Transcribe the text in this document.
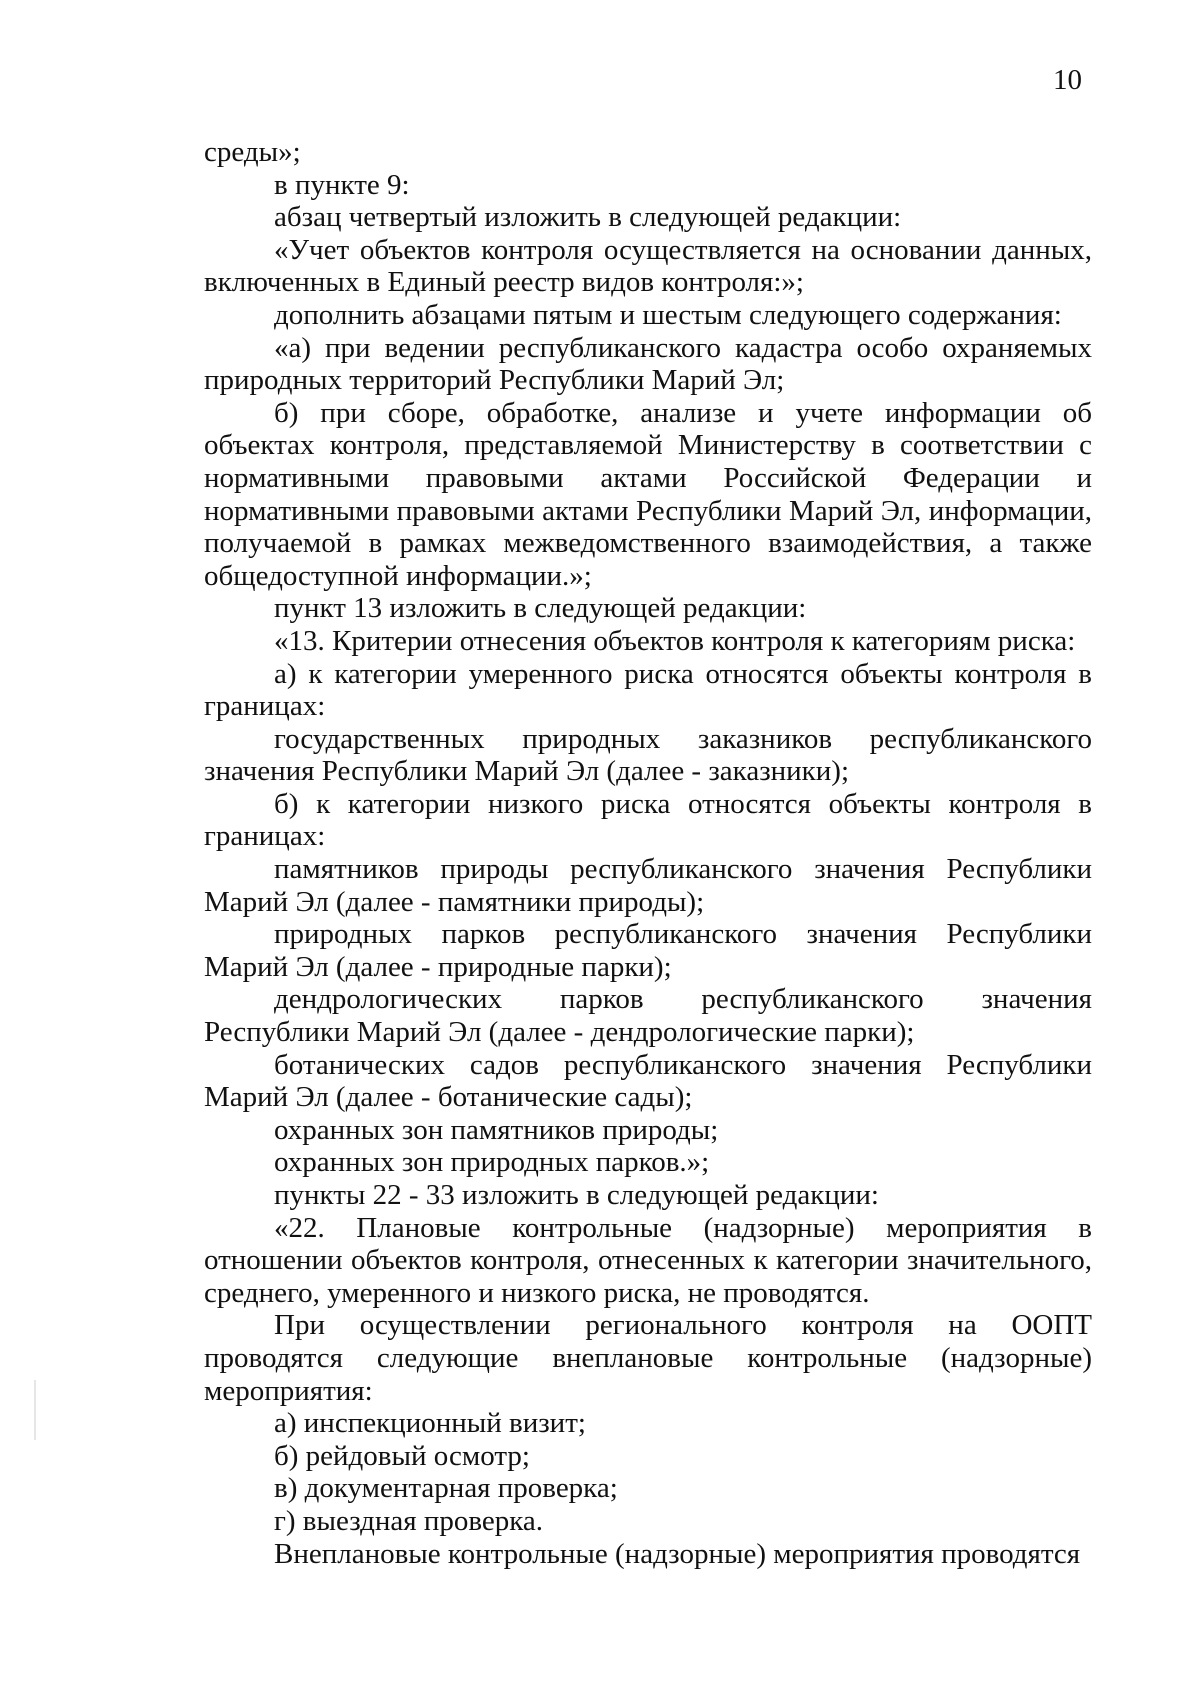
10

среды»;

в пункте 9:

абзац четвертый изложить в следующей редакции:

«Учет объектов контроля осуществляется на основании данных, включенных в Единый реестр видов контроля:»;

дополнить абзацами пятым и шестым следующего содержания:

«а) при ведении республиканского кадастра особо охраняемых природных территорий Республики Марий Эл;

б) при сборе, обработке, анализе и учете информации об объектах контроля, представляемой Министерству в соответствии с нормативными правовыми актами Российской Федерации и нормативными правовыми актами Республики Марий Эл, информации, получаемой в рамках межведомственного взаимодействия, а также общедоступной информации.»;

пункт 13 изложить в следующей редакции:

«13. Критерии отнесения объектов контроля к категориям риска:

а) к категории умеренного риска относятся объекты контроля в границах:

государственных природных заказников республиканского значения Республики Марий Эл (далее - заказники);

б) к категории низкого риска относятся объекты контроля в границах:

памятников природы республиканского значения Республики Марий Эл (далее - памятники природы);

природных парков республиканского значения Республики Марий Эл (далее - природные парки);

дендрологических парков республиканского значения Республики Марий Эл (далее - дендрологические парки);

ботанических садов республиканского значения Республики Марий Эл (далее - ботанические сады);

охранных зон памятников природы;

охранных зон природных парков.»;

пункты 22 - 33 изложить в следующей редакции:

«22. Плановые контрольные (надзорные) мероприятия в отношении объектов контроля, отнесенных к категории значительного, среднего, умеренного и низкого риска, не проводятся.

При осуществлении регионального контроля на ООПТ проводятся следующие внеплановые контрольные (надзорные) мероприятия:

а) инспекционный визит;

б) рейдовый осмотр;

в) документарная проверка;

г) выездная проверка.

Внеплановые контрольные (надзорные) мероприятия проводятся
